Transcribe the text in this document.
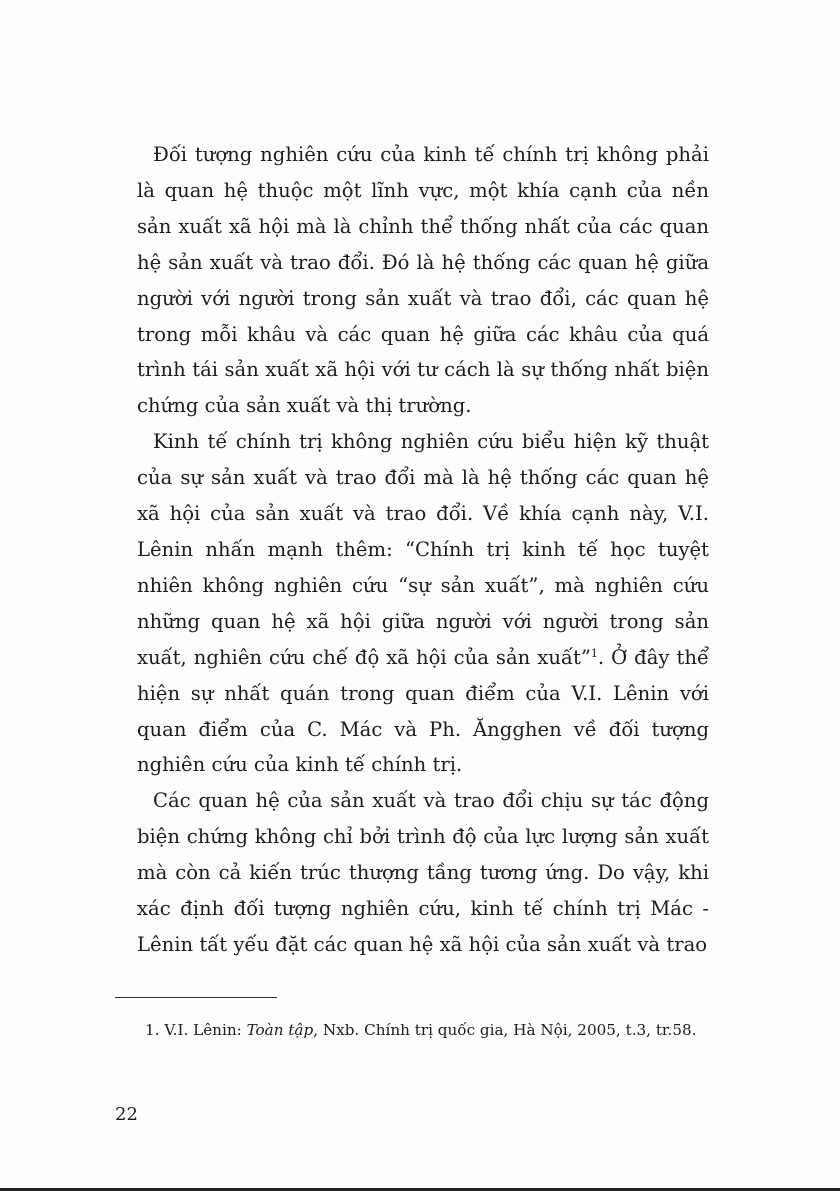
Đối tượng nghiên cứu của kinh tế chính trị không phải là quan hệ thuộc một lĩnh vực, một khía cạnh của nền sản xuất xã hội mà là chỉnh thể thống nhất của các quan hệ sản xuất và trao đổi. Đó là hệ thống các quan hệ giữa người với người trong sản xuất và trao đổi, các quan hệ trong mỗi khâu và các quan hệ giữa các khâu của quá trình tái sản xuất xã hội với tư cách là sự thống nhất biện chứng của sản xuất và thị trường.

Kinh tế chính trị không nghiên cứu biểu hiện kỹ thuật của sự sản xuất và trao đổi mà là hệ thống các quan hệ xã hội của sản xuất và trao đổi. Về khía cạnh này, V.I. Lênin nhấn mạnh thêm: “Chính trị kinh tế học tuyệt nhiên không nghiên cứu “sự sản xuất”, mà nghiên cứu những quan hệ xã hội giữa người với người trong sản xuất, nghiên cứu chế độ xã hội của sản xuất”$^1$. Ở đây thể hiện sự nhất quán trong quan điểm của V.I. Lênin với quan điểm của C. Mác và Ph. Ăngghen về đối tượng nghiên cứu của kinh tế chính trị.

Các quan hệ của sản xuất và trao đổi chịu sự tác động biện chứng không chỉ bởi trình độ của lực lượng sản xuất mà còn cả kiến trúc thượng tầng tương ứng. Do vậy, khi xác định đối tượng nghiên cứu, kinh tế chính trị Mác - Lênin tất yếu đặt các quan hệ xã hội của sản xuất và trao

1. V.I. Lênin: Toàn tập, Nxb. Chính trị quốc gia, Hà Nội, 2005, t.3, tr.58.

22
